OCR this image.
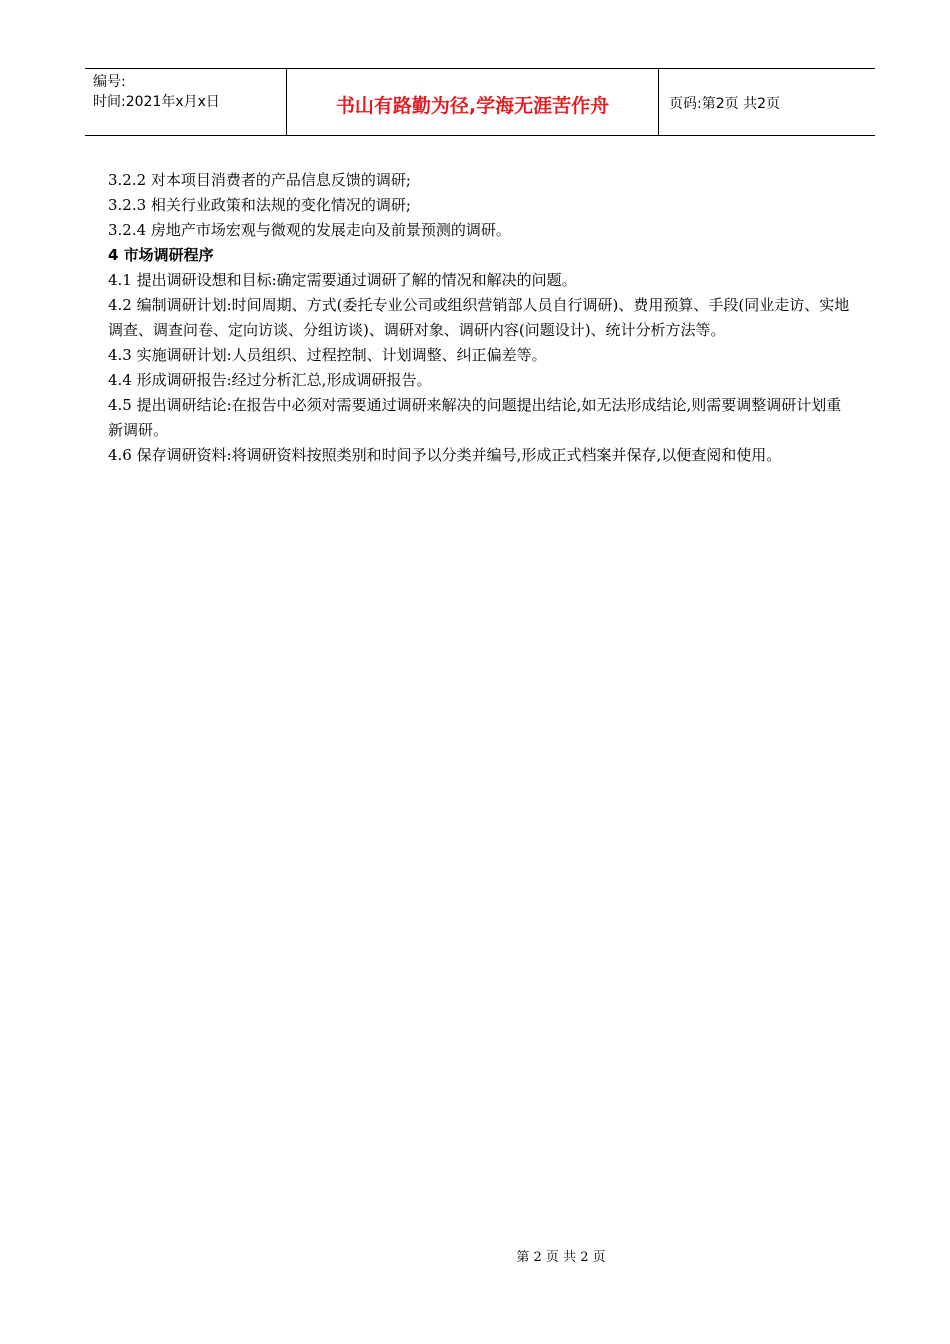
编号:
时间:2021年x月x日	书山有路勤为径,学海无涯苦作舟	页码:第2页 共2页

3.2.2 对本项目消费者的产品信息反馈的调研;

3.2.3 相关行业政策和法规的变化情况的调研;

3.2.4 房地产市场宏观与微观的发展走向及前景预测的调研。

4 市场调研程序

4.1 提出调研设想和目标:确定需要通过调研了解的情况和解决的问题。

4.2 编制调研计划:时间周期、方式(委托专业公司或组织营销部人员自行调研)、费用预算、手段(同业走访、实地调查、调查问卷、定向访谈、分组访谈)、调研对象、调研内容(问题设计)、统计分析方法等。

4.3 实施调研计划:人员组织、过程控制、计划调整、纠正偏差等。

4.4 形成调研报告:经过分析汇总,形成调研报告。

4.5 提出调研结论:在报告中必须对需要通过调研来解决的问题提出结论,如无法形成结论,则需要调整调研计划重新调研。

4.6 保存调研资料:将调研资料按照类别和时间予以分类并编号,形成正式档案并保存,以便查阅和使用。

第 2 页 共 2 页
